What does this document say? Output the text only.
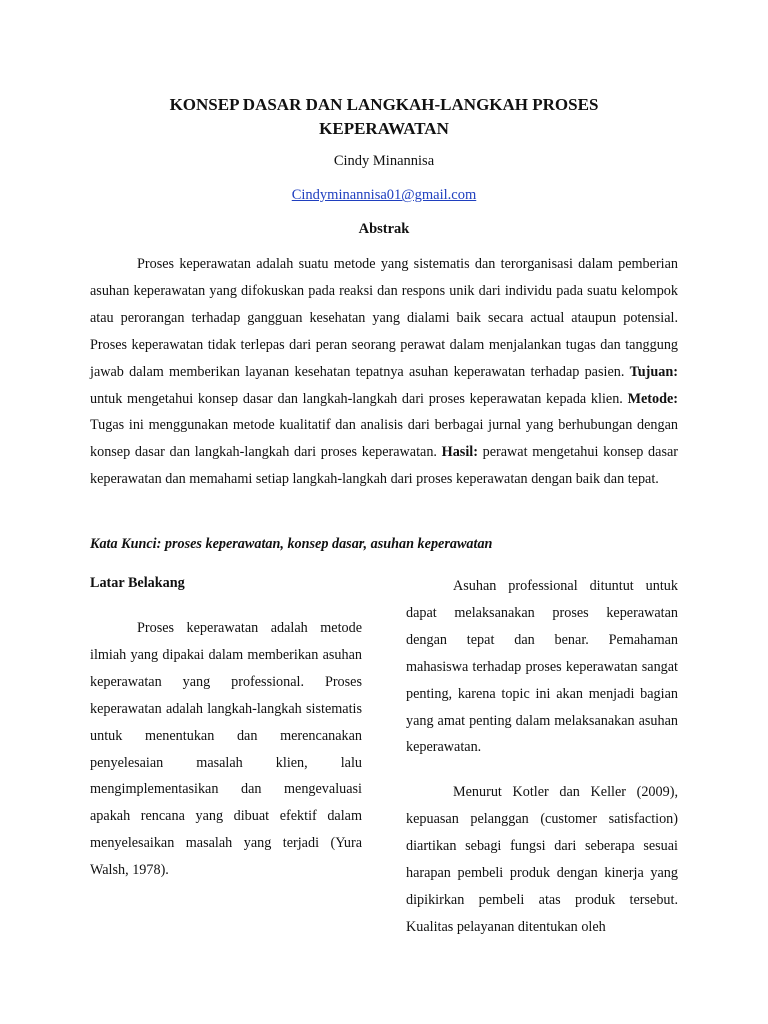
KONSEP DASAR DAN LANGKAH-LANGKAH PROSES
KEPERAWATAN
Cindy Minannisa
Cindyminannisa01@gmail.com
Abstrak

Proses keperawatan adalah suatu metode yang sistematis dan terorganisasi dalam pemberian asuhan keperawatan yang difokuskan pada reaksi dan respons unik dari individu pada suatu kelompok atau perorangan terhadap gangguan kesehatan yang dialami baik secara actual ataupun potensial. Proses keperawatan tidak terlepas dari peran seorang perawat dalam menjalankan tugas dan tanggung jawab dalam memberikan layanan kesehatan tepatnya asuhan keperawatan terhadap pasien. Tujuan: untuk mengetahui konsep dasar dan langkah-langkah dari proses keperawatan kepada klien. Metode: Tugas ini menggunakan metode kualitatif dan analisis dari berbagai jurnal yang berhubungan dengan konsep dasar dan langkah-langkah dari proses keperawatan. Hasil: perawat mengetahui konsep dasar keperawatan dan memahami setiap langkah-langkah dari proses keperawatan dengan baik dan tepat.

Kata Kunci: proses keperawatan, konsep dasar, asuhan keperawatan
Latar Belakang

Proses keperawatan adalah metode ilmiah yang dipakai dalam memberikan asuhan keperawatan yang professional. Proses keperawatan adalah langkah-langkah sistematis untuk menentukan dan merencanakan penyelesaian masalah klien, lalu mengimplementasikan dan mengevaluasi apakah rencana yang dibuat efektif dalam menyelesaikan masalah yang terjadi (Yura Walsh, 1978).

Asuhan professional dituntut untuk dapat melaksanakan proses keperawatan dengan tepat dan benar. Pemahaman mahasiswa terhadap proses keperawatan sangat penting, karena topic ini akan menjadi bagian yang amat penting dalam melaksanakan asuhan keperawatan.

Menurut Kotler dan Keller (2009), kepuasan pelanggan (customer satisfaction) diartikan sebagi fungsi dari seberapa sesuai harapan pembeli produk dengan kinerja yang dipikirkan pembeli atas produk tersebut. Kualitas pelayanan ditentukan oleh
